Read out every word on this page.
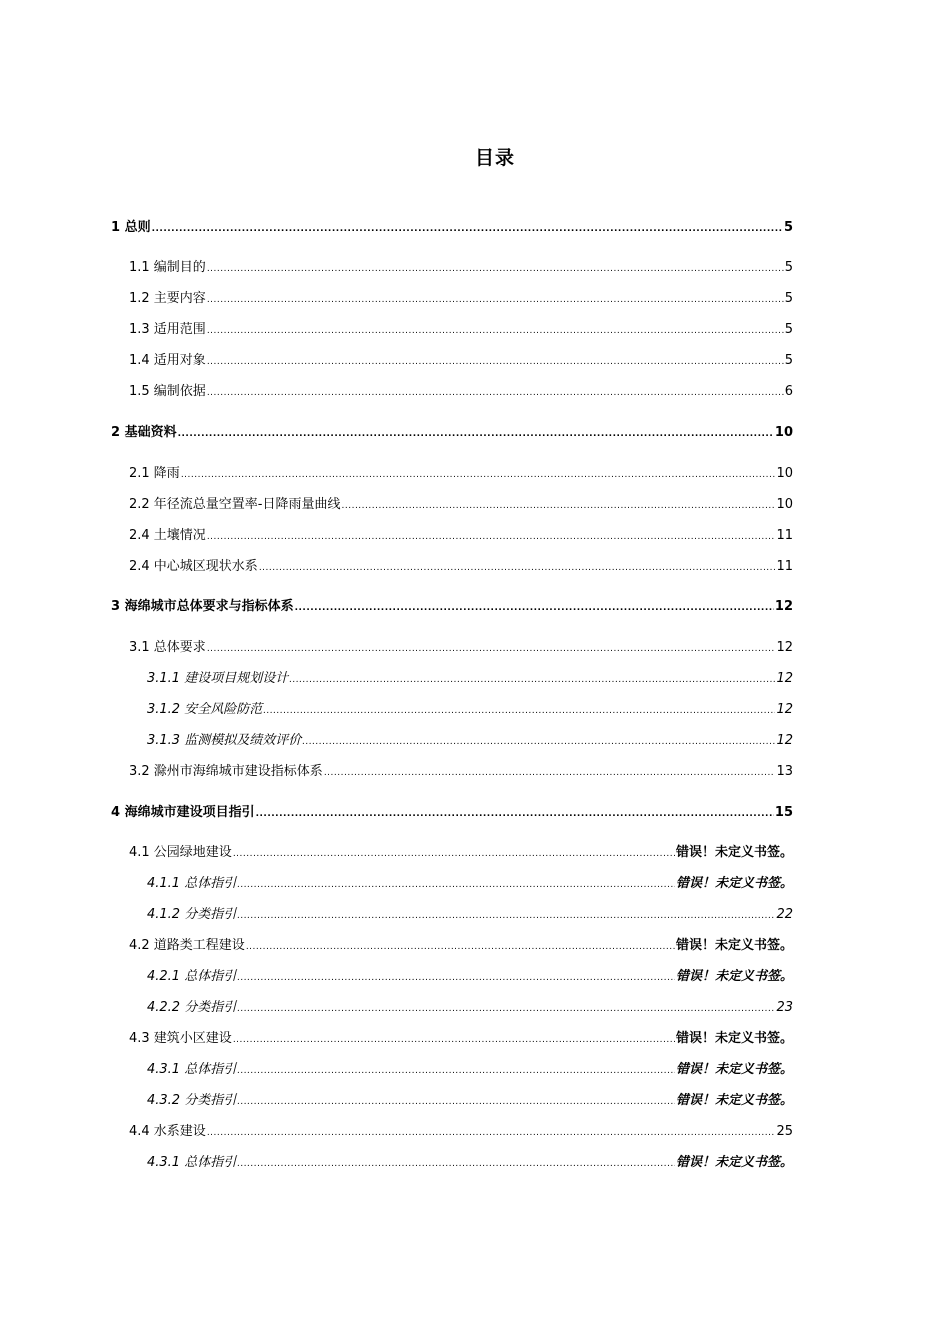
目录
1 总则 .....	5
1.1 编制目的 .....	5
1.2 主要内容 .....	5
1.3 适用范围 .....	5
1.4 适用对象 .....	5
1.5 编制依据 .....	6
2 基础资料 .....	10
2.1 降雨 .....	10
2.2 年径流总量空置率-日降雨量曲线 .....	10
2.4 土壤情况 .....	11
2.4 中心城区现状水系 .....	11
3 海绵城市总体要求与指标体系 .....	12
3.1 总体要求 .....	12
3.1.1 建设项目规划设计 .....	12
3.1.2 安全风险防范 .....	12
3.1.3 监测模拟及绩效评价 .....	12
3.2 滁州市海绵城市建设指标体系 .....	13
4 海绵城市建设项目指引 .....	15
4.1 公园绿地建设 .....	错误！未定义书签。
4.1.1 总体指引 .....	错误！未定义书签。
4.1.2 分类指引 .....	22
4.2 道路类工程建设 .....	错误！未定义书签。
4.2.1 总体指引 .....	错误！未定义书签。
4.2.2 分类指引 .....	23
4.3 建筑小区建设 .....	错误！未定义书签。
4.3.1 总体指引 .....	错误！未定义书签。
4.3.2 分类指引 .....	错误！未定义书签。
4.4 水系建设 .....	25
4.3.1 总体指引 .....	错误！未定义书签。
